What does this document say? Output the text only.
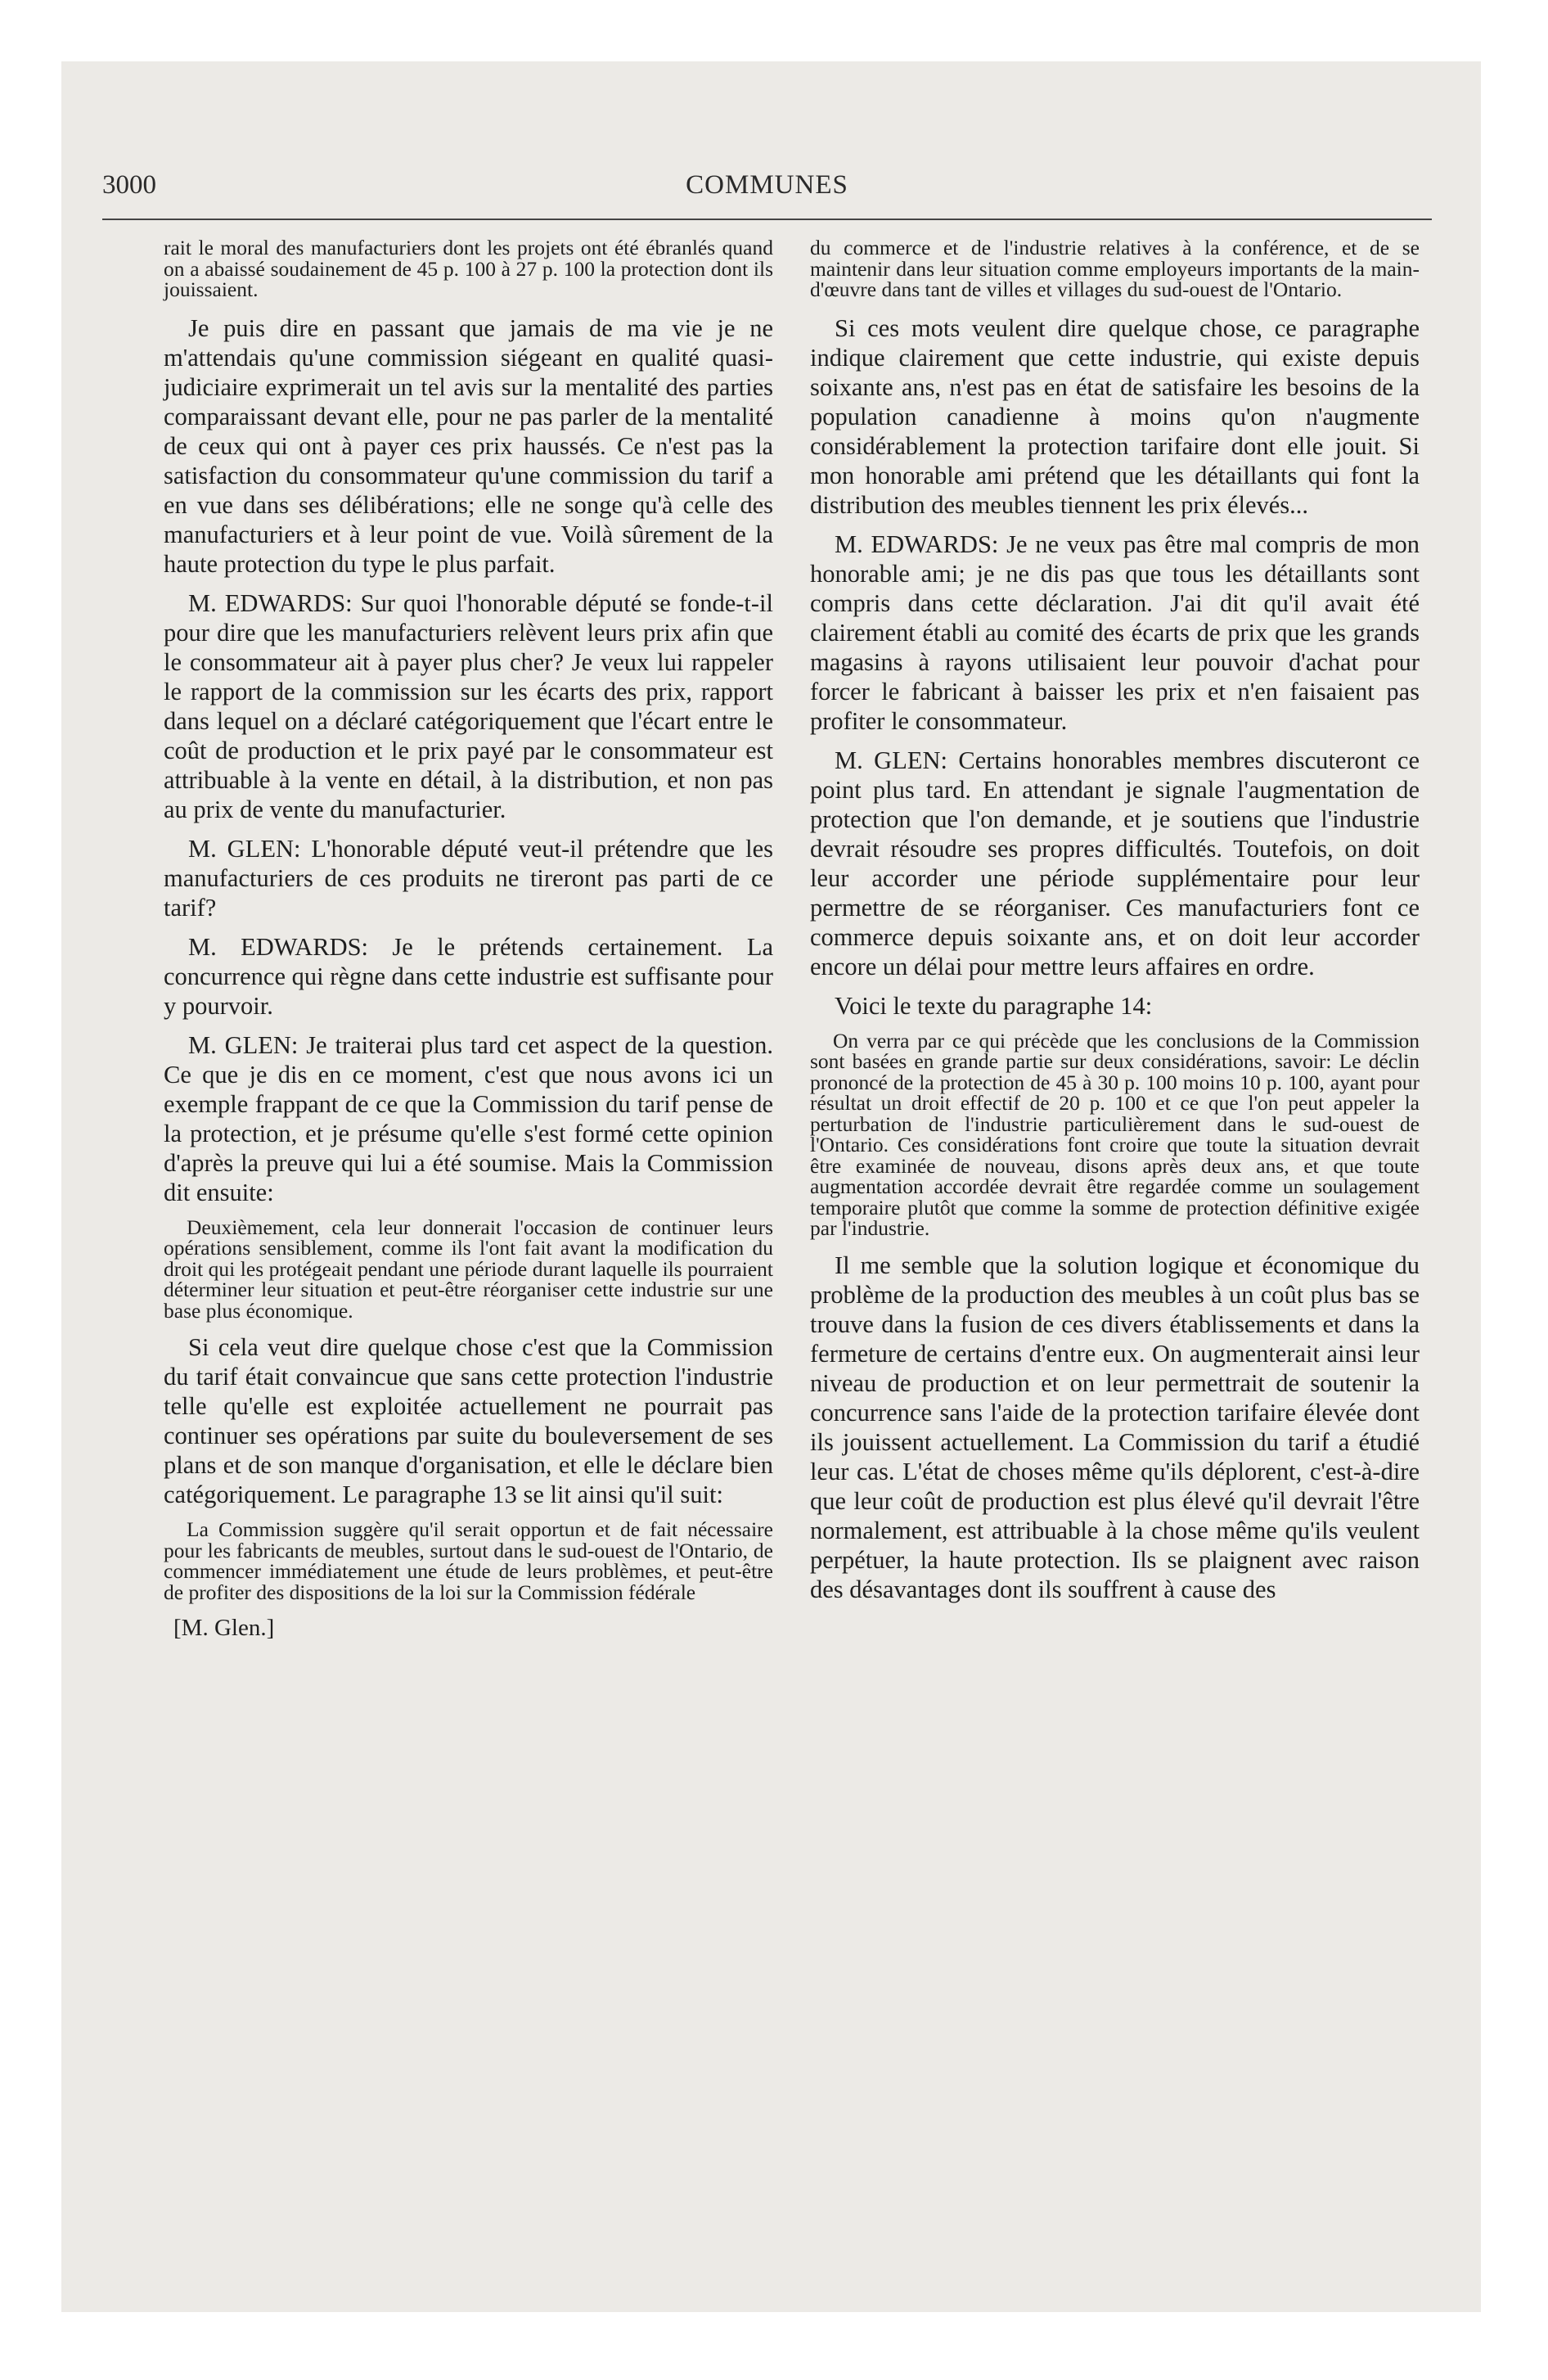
3000	COMMUNES

rait le moral des manufacturiers dont les projets ont été ébranlés quand on a abaissé soudainement de 45 p. 100 à 27 p. 100 la protection dont ils jouissaient.

Je puis dire en passant que jamais de ma vie je ne m'attendais qu'une commission siégeant en qualité quasi-judiciaire exprimerait un tel avis sur la mentalité des parties comparaissant devant elle, pour ne pas parler de la mentalité de ceux qui ont à payer ces prix haussés. Ce n'est pas la satisfaction du consommateur qu'une commission du tarif a en vue dans ses délibérations; elle ne songe qu'à celle des manufacturiers et à leur point de vue. Voilà sûrement de la haute protection du type le plus parfait.

M. EDWARDS: Sur quoi l'honorable député se fonde-t-il pour dire que les manufacturiers relèvent leurs prix afin que le consommateur ait à payer plus cher? Je veux lui rappeler le rapport de la commission sur les écarts des prix, rapport dans lequel on a déclaré catégoriquement que l'écart entre le coût de production et le prix payé par le consommateur est attribuable à la vente en détail, à la distribution, et non pas au prix de vente du manufacturier.

M. GLEN: L'honorable député veut-il prétendre que les manufacturiers de ces produits ne tireront pas parti de ce tarif?

M. EDWARDS: Je le prétends certainement. La concurrence qui règne dans cette industrie est suffisante pour y pourvoir.

M. GLEN: Je traiterai plus tard cet aspect de la question. Ce que je dis en ce moment, c'est que nous avons ici un exemple frappant de ce que la Commission du tarif pense de la protection, et je présume qu'elle s'est formé cette opinion d'après la preuve qui lui a été soumise. Mais la Commission dit ensuite:

Deuxièmement, cela leur donnerait l'occasion de continuer leurs opérations sensiblement, comme ils l'ont fait avant la modification du droit qui les protégeait pendant une période durant laquelle ils pourraient déterminer leur situation et peut-être réorganiser cette industrie sur une base plus économique.

Si cela veut dire quelque chose c'est que la Commission du tarif était convaincue que sans cette protection l'industrie telle qu'elle est exploitée actuellement ne pourrait pas continuer ses opérations par suite du bouleversement de ses plans et de son manque d'organisation, et elle le déclare bien catégoriquement. Le paragraphe 13 se lit ainsi qu'il suit:

La Commission suggère qu'il serait opportun et de fait nécessaire pour les fabricants de meubles, surtout dans le sud-ouest de l'Ontario, de commencer immédiatement une étude de leurs problèmes, et peut-être de profiter des dispositions de la loi sur la Commission fédérale

[M. Glen.]

du commerce et de l'industrie relatives à la conférence, et de se maintenir dans leur situation comme employeurs importants de la main-d'œuvre dans tant de villes et villages du sud-ouest de l'Ontario.

Si ces mots veulent dire quelque chose, ce paragraphe indique clairement que cette industrie, qui existe depuis soixante ans, n'est pas en état de satisfaire les besoins de la population canadienne à moins qu'on n'augmente considérablement la protection tarifaire dont elle jouit. Si mon honorable ami prétend que les détaillants qui font la distribution des meubles tiennent les prix élevés...

M. EDWARDS: Je ne veux pas être mal compris de mon honorable ami; je ne dis pas que tous les détaillants sont compris dans cette déclaration. J'ai dit qu'il avait été clairement établi au comité des écarts de prix que les grands magasins à rayons utilisaient leur pouvoir d'achat pour forcer le fabricant à baisser les prix et n'en faisaient pas profiter le consommateur.

M. GLEN: Certains honorables membres discuteront ce point plus tard. En attendant je signale l'augmentation de protection que l'on demande, et je soutiens que l'industrie devrait résoudre ses propres difficultés. Toutefois, on doit leur accorder une période supplémentaire pour leur permettre de se réorganiser. Ces manufacturiers font ce commerce depuis soixante ans, et on doit leur accorder encore un délai pour mettre leurs affaires en ordre.

Voici le texte du paragraphe 14:

On verra par ce qui précède que les conclusions de la Commission sont basées en grande partie sur deux considérations, savoir: Le déclin prononcé de la protection de 45 à 30 p. 100 moins 10 p. 100, ayant pour résultat un droit effectif de 20 p. 100 et ce que l'on peut appeler la perturbation de l'industrie particulièrement dans le sud-ouest de l'Ontario. Ces considérations font croire que toute la situation devrait être examinée de nouveau, disons après deux ans, et que toute augmentation accordée devrait être regardée comme un soulagement temporaire plutôt que comme la somme de protection définitive exigée par l'industrie.

Il me semble que la solution logique et économique du problème de la production des meubles à un coût plus bas se trouve dans la fusion de ces divers établissements et dans la fermeture de certains d'entre eux. On augmenterait ainsi leur niveau de production et on leur permettrait de soutenir la concurrence sans l'aide de la protection tarifaire élevée dont ils jouissent actuellement. La Commission du tarif a étudié leur cas. L'état de choses même qu'ils déplorent, c'est-à-dire que leur coût de production est plus élevé qu'il devrait l'être normalement, est attribuable à la chose même qu'ils veulent perpétuer, la haute protection. Ils se plaignent avec raison des désavantages dont ils souffrent à cause des
